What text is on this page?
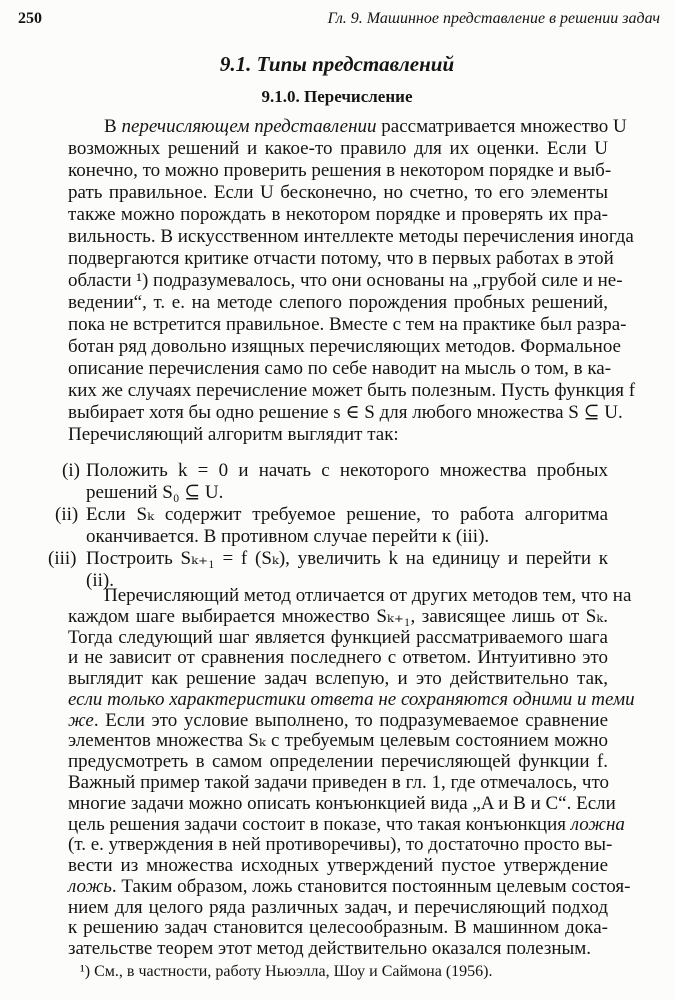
250	Гл. 9. Машинное представление в решении задач
9.1. Типы представлений
9.1.0. Перечисление
В перечисляющем представлении рассматривается множество U
возможных решений и какое-то правило для их оценки. Если U
конечно, то можно проверить решения в некотором порядке и выб-
рать правильное. Если U бесконечно, но счетно, то его элементы
также можно порождать в некотором порядке и проверять их пра-
вильность. В искусственном интеллекте методы перечисления иногда
подвергаются критике отчасти потому, что в первых работах в этой
области ¹) подразумевалось, что они основаны на „грубой силе и не-
ведении“, т. е. на методе слепого порождения пробных решений,
пока не встретится правильное. Вместе с тем на практике был разра-
ботан ряд довольно изящных перечисляющих методов. Формальное
описание перечисления само по себе наводит на мысль о том, в ка-
ких же случаях перечисление может быть полезным. Пусть функция f
выбирает хотя бы одно решение s ∈ S для любого множества S ⊆ U.
Перечисляющий алгоритм выглядит так:
(i) Положить k = 0 и начать с некоторого множества пробных
решений S₀ ⊆ U.
(ii) Если Sₖ содержит требуемое решение, то работа алгоритма
оканчивается. В противном случае перейти к (iii).
(iii) Построить Sₖ₊₁ = f (Sₖ), увеличить k на единицу и перейти к
(ii).
Перечисляющий метод отличается от других методов тем, что на
каждом шаге выбирается множество Sₖ₊₁, зависящее лишь от Sₖ.
Тогда следующий шаг является функцией рассматриваемого шага
и не зависит от сравнения последнего с ответом. Интуитивно это
выглядит как решение задач вслепую, и это действительно так,
если только характеристики ответа не сохраняются одними и теми
же. Если это условие выполнено, то подразумеваемое сравнение
элементов множества Sₖ с требуемым целевым состоянием можно
предусмотреть в самом определении перечисляющей функции f.
Важный пример такой задачи приведен в гл. 1, где отмечалось, что
многие задачи можно описать конъюнкцией вида „A и B и C“. Если
цель решения задачи состоит в показе, что такая конъюнкция ложна
(т. е. утверждения в ней противоречивы), то достаточно просто вы-
вести из множества исходных утверждений пустое утверждение
ложь. Таким образом, ложь становится постоянным целевым состоя-
нием для целого ряда различных задач, и перечисляющий подход
к решению задач становится целесообразным. В машинном дока-
зательстве теорем этот метод действительно оказался полезным.
¹) См., в частности, работу Ньюэлла, Шоу и Саймона (1956).
